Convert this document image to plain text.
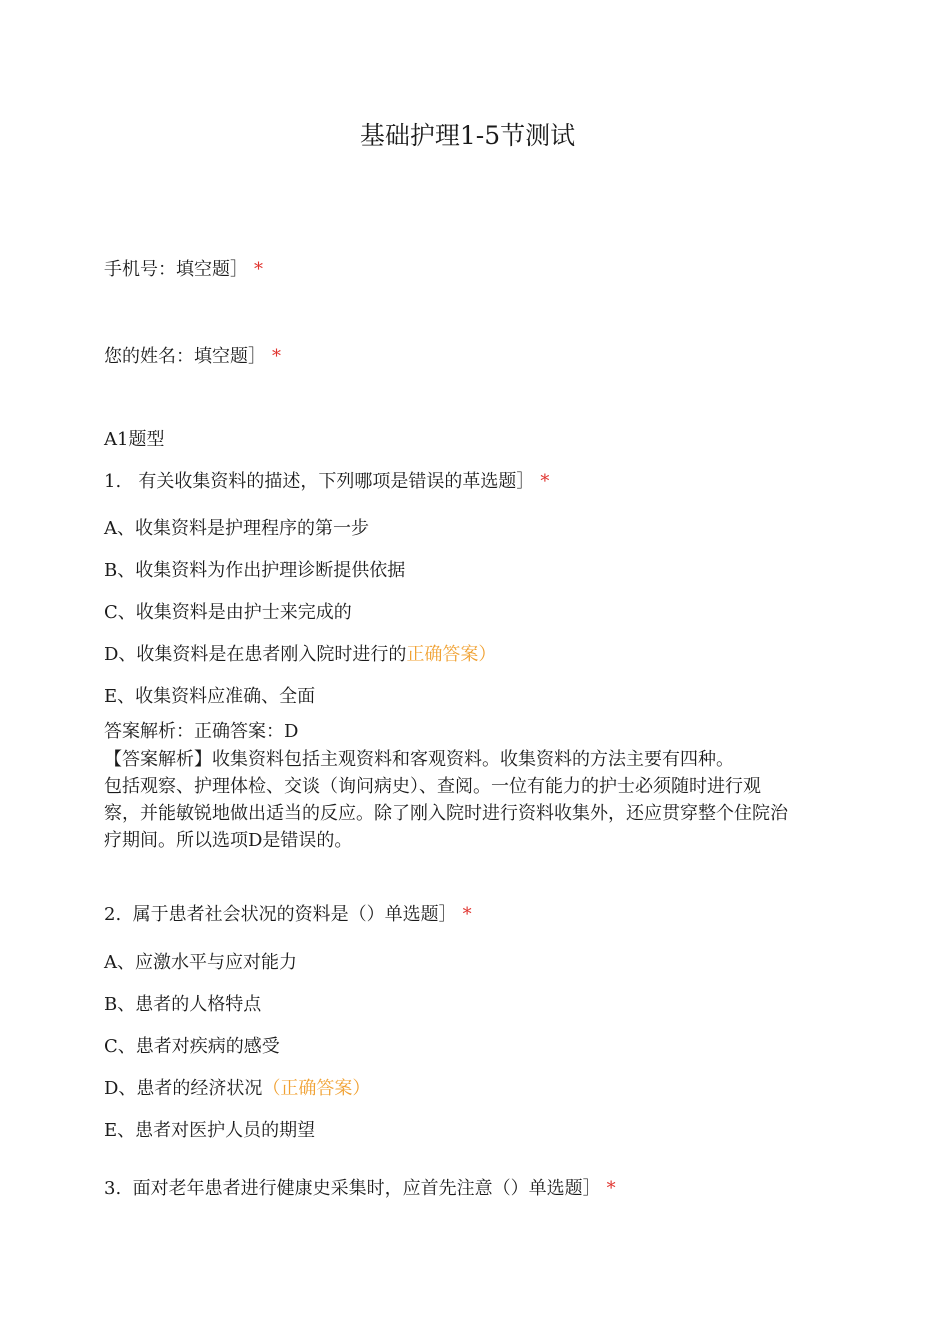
基础护理1-5节测试
手机号：填空题］ *
您的姓名：填空题］ *
A1题型
1.   有关收集资料的描述，下列哪项是错误的革选题］ *
A、收集资料是护理程序的第一步
B、收集资料为作出护理诊断提供依据
C、收集资料是由护士来完成的
D、收集资料是在患者刚入院时进行的正确答案）
E、收集资料应准确、全面
答案解析：正确答案：D
【答案解析】收集资料包括主观资料和客观资料。收集资料的方法主要有四种。
包括观察、护理体检、交谈（询问病史）、查阅。一位有能力的护士必须随时进行观
察，并能敏锐地做出适当的反应。除了刚入院时进行资料收集外，还应贯穿整个住院治
疗期间。所以选项D是错误的。
2.  属于患者社会状况的资料是（）单选题］ *
A、应激水平与应对能力
B、患者的人格特点
C、患者对疾病的感受
D、患者的经济状况（正确答案）
E、患者对医护人员的期望
3.  面对老年患者进行健康史采集时，应首先注意（）单选题］ *
